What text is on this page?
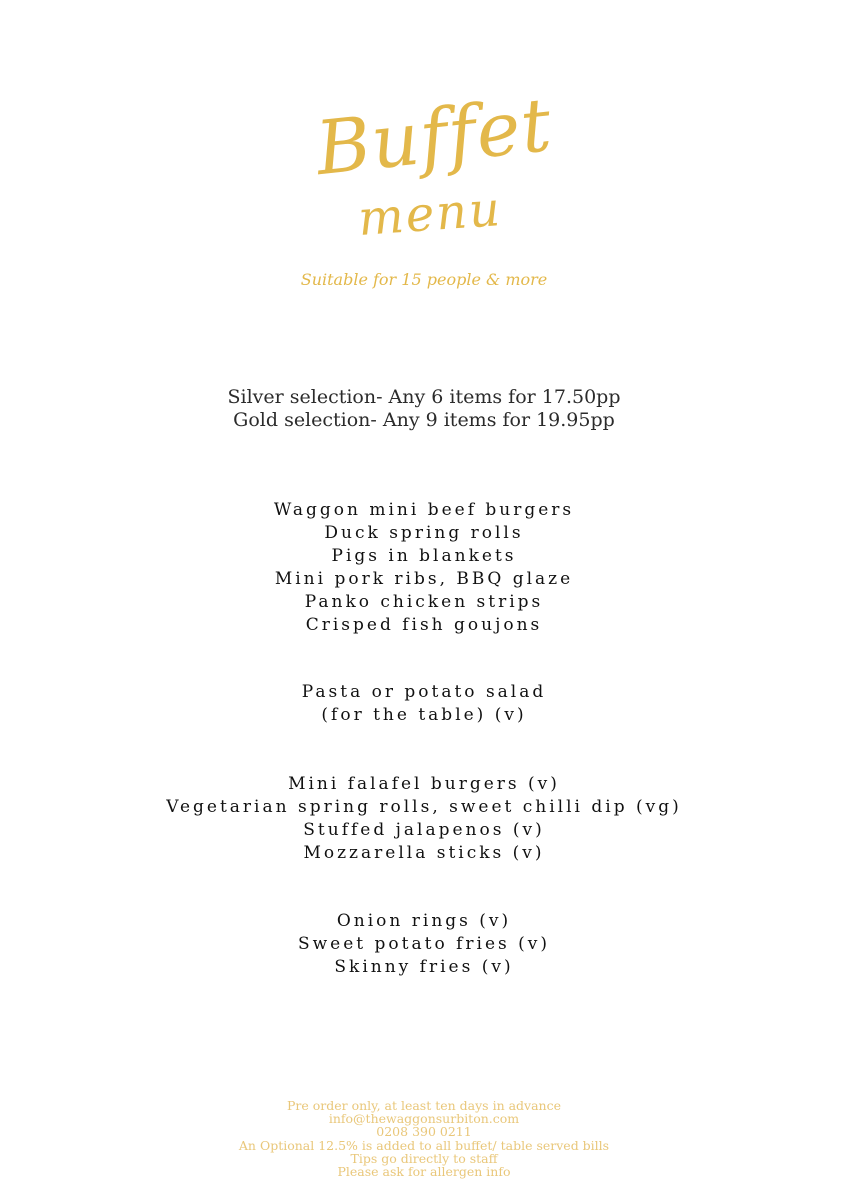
Buffet
menu
Suitable for 15 people & more
Silver selection- Any 6 items for 17.50pp
Gold selection- Any 9 items for 19.95pp
Waggon mini beef burgers
Duck spring rolls
Pigs in blankets
Mini pork ribs, BBQ glaze
Panko chicken strips
Crisped fish goujons
Pasta or potato salad
(for the table) (v)
Mini falafel burgers (v)
Vegetarian spring rolls, sweet chilli dip (vg)
Stuffed jalapenos (v)
Mozzarella sticks (v)
Onion rings (v)
Sweet potato fries (v)
Skinny fries (v)
Pre order only, at least ten days in advance
info@thewaggonsurbiton.com
0208 390 0211
An Optional 12.5% is added to all buffet/ table served bills
Tips go directly to staff
Please ask for allergen info
